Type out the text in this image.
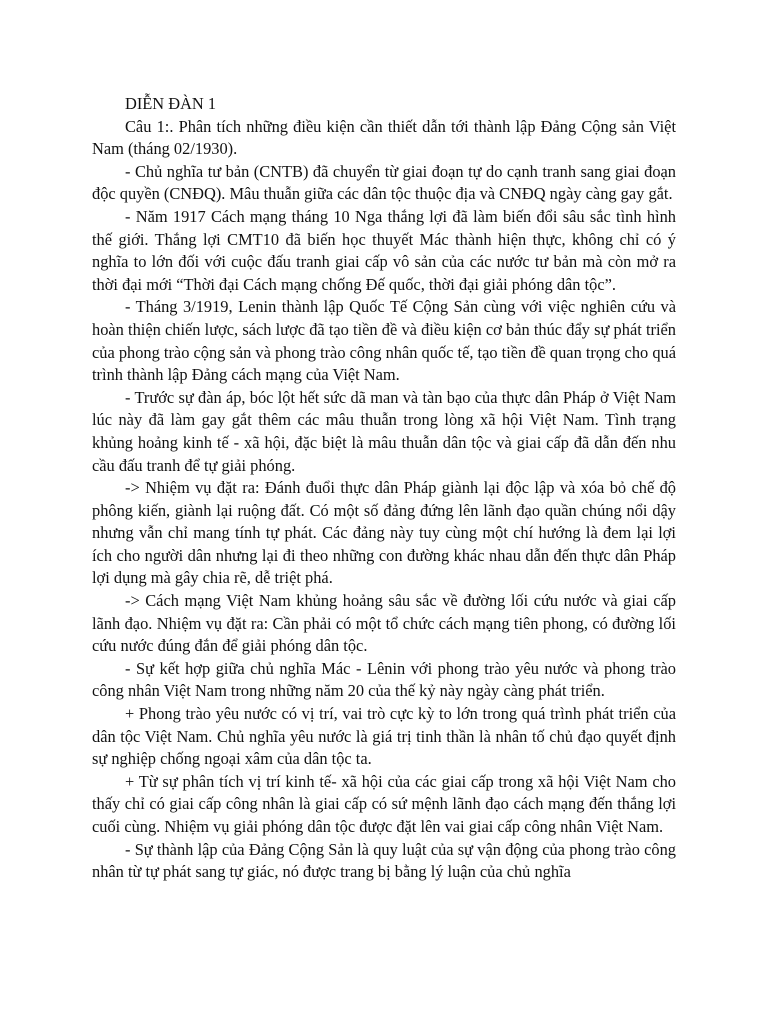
DIỄN ĐÀN 1

Câu 1:. Phân tích những điều kiện cần thiết dẫn tới thành lập Đảng Cộng sản Việt Nam (tháng 02/1930).

- Chủ nghĩa tư bản (CNTB) đã chuyển từ giai đoạn tự do cạnh tranh sang giai đoạn độc quyền (CNĐQ). Mâu thuẫn giữa các dân tộc thuộc địa và CNĐQ ngày càng gay gắt.

- Năm 1917 Cách mạng tháng 10 Nga thắng lợi đã làm biến đổi sâu sắc tình hình thế giới. Thắng lợi CMT10 đã biến học thuyết Mác thành hiện thực, không chỉ có ý nghĩa to lớn đối với cuộc đấu tranh giai cấp vô sản của các nước tư bản mà còn mở ra thời đại mới “Thời đại Cách mạng chống Đế quốc, thời đại giải phóng dân tộc”.

- Tháng 3/1919, Lenin thành lập Quốc Tế Cộng Sản cùng với việc nghiên cứu và hoàn thiện chiến lược, sách lược đã tạo tiền đề và điều kiện cơ bản thúc đẩy sự phát triển của phong trào cộng sản và phong trào công nhân quốc tế, tạo tiền đề quan trọng cho quá trình thành lập Đảng cách mạng của Việt Nam.

- Trước sự đàn áp, bóc lột hết sức dã man và tàn bạo của thực dân Pháp ở Việt Nam lúc này đã làm gay gắt thêm các mâu thuẫn trong lòng xã hội Việt Nam. Tình trạng khủng hoảng kinh tế - xã hội, đặc biệt là mâu thuẫn dân tộc và giai cấp đã dẫn đến nhu cầu đấu tranh để tự giải phóng.

-> Nhiệm vụ đặt ra: Đánh đuổi thực dân Pháp giành lại độc lập và xóa bỏ chế độ phông kiến, giành lại ruộng đất. Có một số đảng đứng lên lãnh đạo quần chúng nổi dậy nhưng vẫn chỉ mang tính tự phát. Các đảng này tuy cùng một chí hướng là đem lại lợi ích cho người dân nhưng lại đi theo những con đường khác nhau dẫn đến thực dân Pháp lợi dụng mà gây chia rẽ, dễ triệt phá.

-> Cách mạng Việt Nam khủng hoảng sâu sắc về đường lối cứu nước và giai cấp lãnh đạo. Nhiệm vụ đặt ra: Cần phải có một tổ chức cách mạng tiên phong, có đường lối cứu nước đúng đắn để giải phóng dân tộc.

- Sự kết hợp giữa chủ nghĩa Mác - Lênin với phong trào yêu nước và phong trào công nhân Việt Nam trong những năm 20 của thế kỷ này ngày càng phát triển.

+ Phong trào yêu nước có vị trí, vai trò cực kỳ to lớn trong quá trình phát triển của dân tộc Việt Nam. Chủ nghĩa yêu nước là giá trị tinh thần là nhân tố chủ đạo quyết định sự nghiệp chống ngoại xâm của dân tộc ta.

+ Từ sự phân tích vị trí kinh tế- xã hội của các giai cấp trong xã hội Việt Nam cho thấy chỉ có giai cấp công nhân là giai cấp có sứ mệnh lãnh đạo cách mạng đến thắng lợi cuối cùng. Nhiệm vụ giải phóng dân tộc được đặt lên vai giai cấp công nhân Việt Nam.

- Sự thành lập của Đảng Cộng Sản là quy luật của sự vận động của phong trào công nhân từ tự phát sang tự giác, nó được trang bị bằng lý luận của chủ nghĩa
